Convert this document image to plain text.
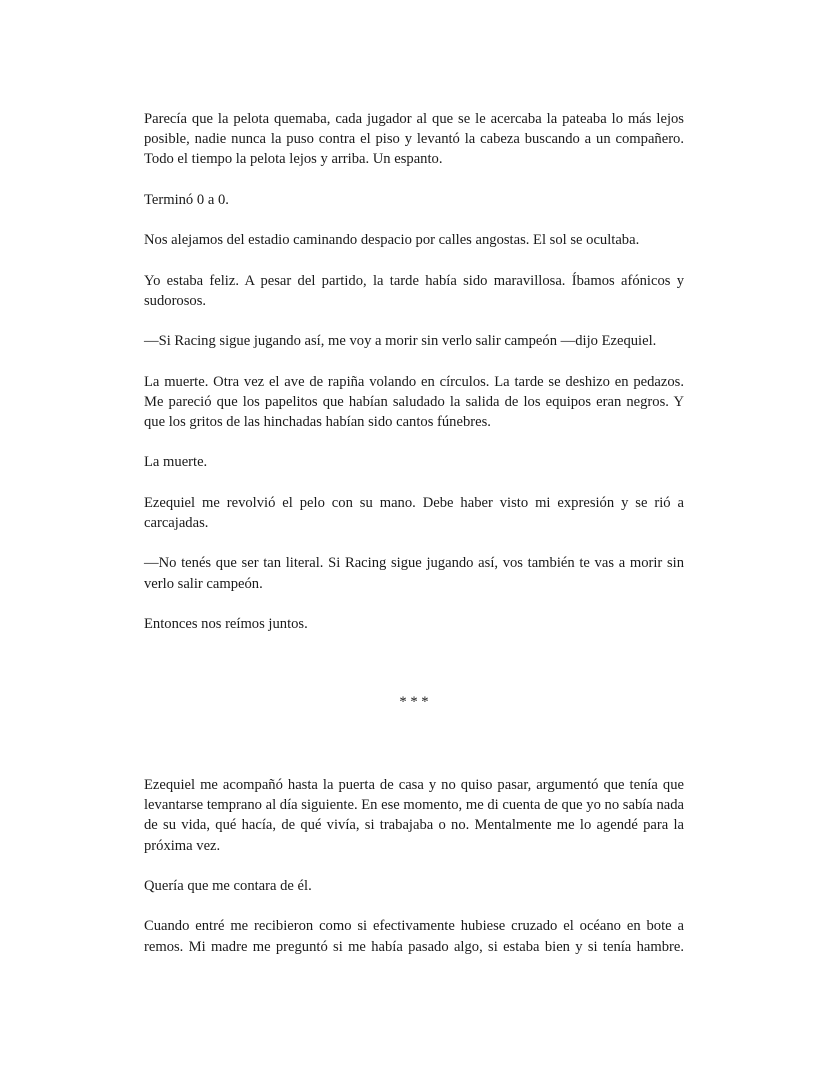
Parecía que la pelota quemaba, cada jugador al que se le acercaba la pateaba lo más lejos posible, nadie nunca la puso contra el piso y levantó la cabeza buscando a un compañero. Todo el tiempo la pelota lejos y arriba. Un espanto.

Terminó 0 a 0.

Nos alejamos del estadio caminando despacio por calles angostas. El sol se ocultaba.

Yo estaba feliz. A pesar del partido, la tarde había sido maravillosa. Íbamos afónicos y sudorosos.

—Si Racing sigue jugando así, me voy a morir sin verlo salir campeón —dijo Ezequiel.

La muerte. Otra vez el ave de rapiña volando en círculos. La tarde se deshizo en pedazos. Me pareció que los papelitos que habían saludado la salida de los equipos eran negros. Y que los gritos de las hinchadas habían sido cantos fúnebres.

La muerte.

Ezequiel me revolvió el pelo con su mano. Debe haber visto mi expresión y se rió a carcajadas.

—No tenés que ser tan literal. Si Racing sigue jugando así, vos también te vas a morir sin verlo salir campeón.

Entonces nos reímos juntos.

* * *

Ezequiel me acompañó hasta la puerta de casa y no quiso pasar, argumentó que tenía que levantarse temprano al día siguiente. En ese momento, me di cuenta de que yo no sabía nada de su vida, qué hacía, de qué vivía, si trabajaba o no. Mentalmente me lo agendé para la próxima vez.

Quería que me contara de él.

Cuando entré me recibieron como si efectivamente hubiese cruzado el océano en bote a remos. Mi madre me preguntó si me había pasado algo, si estaba bien y si tenía hambre.
